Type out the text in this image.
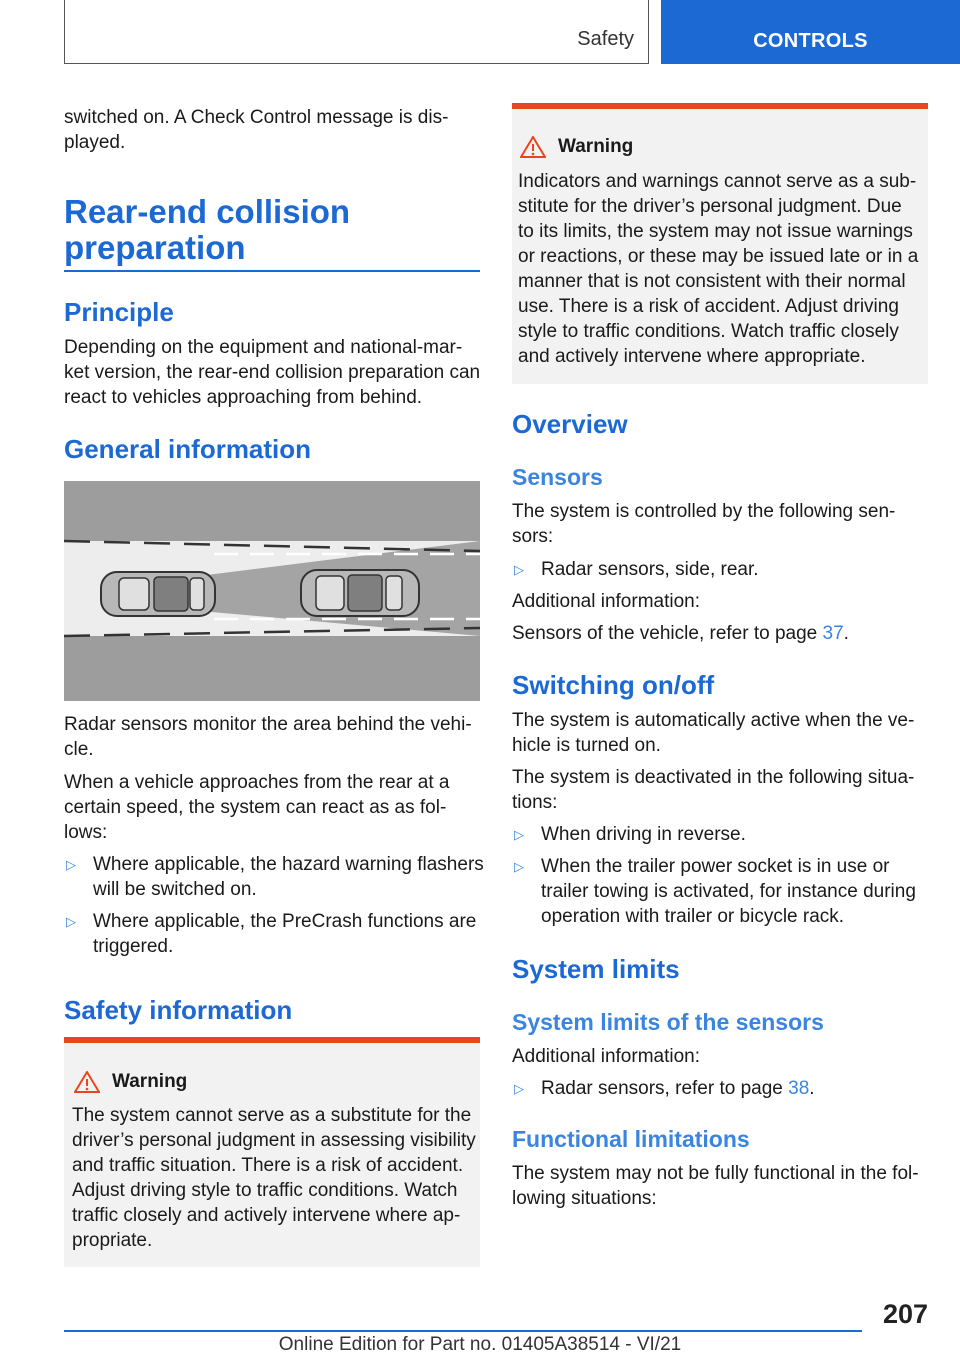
Safety	CONTROLS
switched on. A Check Control message is dis‐
played.
Rear-end collision
preparation
Principle
Depending on the equipment and national-mar‐
ket version, the rear-end collision preparation can
react to vehicles approaching from behind.
General information
Radar sensors monitor the area behind the vehi‐
cle.
When a vehicle approaches from the rear at a
certain speed, the system can react as as fol‐
lows:
▷ Where applicable, the hazard warning flashers
will be switched on.
▷ Where applicable, the PreCrash functions are
triggered.
Safety information
Warning
The system cannot serve as a substitute for the
driver’s personal judgment in assessing visibility
and traffic situation. There is a risk of accident.
Adjust driving style to traffic conditions. Watch
traffic closely and actively intervene where ap‐
propriate.
Warning
Indicators and warnings cannot serve as a sub‐
stitute for the driver’s personal judgment. Due
to its limits, the system may not issue warnings
or reactions, or these may be issued late or in a
manner that is not consistent with their normal
use. There is a risk of accident. Adjust driving
style to traffic conditions. Watch traffic closely
and actively intervene where appropriate.
Overview
Sensors
The system is controlled by the following sen‐
sors:
▷ Radar sensors, side, rear.
Additional information:
Sensors of the vehicle, refer to page 37.
Switching on/off
The system is automatically active when the ve‐
hicle is turned on.
The system is deactivated in the following situa‐
tions:
▷ When driving in reverse.
▷ When the trailer power socket is in use or
trailer towing is activated, for instance during
operation with trailer or bicycle rack.
System limits
System limits of the sensors
Additional information:
▷ Radar sensors, refer to page 38.
Functional limitations
The system may not be fully functional in the fol‐
lowing situations:
207
Online Edition for Part no. 01405A38514 - VI/21
